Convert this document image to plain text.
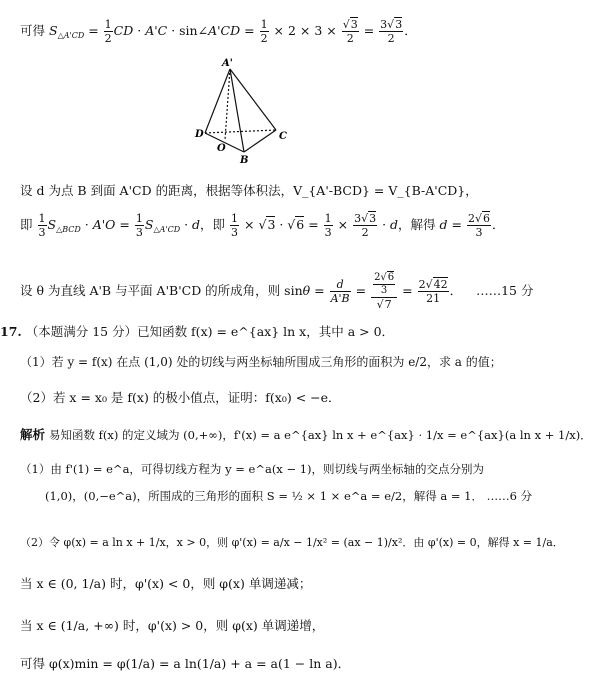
可得 $S_{\triangle A'CD} = \frac{1}{2}$ CD · A'C · sin∠A'CD = $\frac{1}{2} \times 2 \times 3 \times \frac{√3}{2} = \frac{3√3}{2}$ ．
A'
D	C
O
B
设 d 为点 B 到面 A'CD 的距离，根据等体积法，V_{A'-BCD} = V_{B-A'CD}，
即 $\frac{1}{3} S_{\triangle BCD} \cdot A'O = \frac{1}{3} S_{\triangle A'CD} \cdot d$，即 $\frac{1}{3} \times √3 \cdot √6 = \frac{1}{3} \times \frac{3√3}{2} \cdot d$，解得 $d = \frac{2√6}{3}$ ．
设 θ 为直线 A'B 与平面 A'B'CD 的所成角，则 $\sin\theta = \frac{d}{A'B} = \frac{\frac{2√6}{3}}{√7} = \frac{2√42}{21}$ ． ……15 分
17. （本题满分 15 分）已知函数 f(x) = e^{ax} ln x，其中 a > 0．
（1）若 y = f(x) 在点 (1,0) 处的切线与两坐标轴所围成三角形的面积为 e/2，求 a 的值；
（2）若 x = x₀ 是 f(x) 的极小值点，证明：f(x₀) < −e．
解析 易知函数 f(x) 的定义域为 (0,+∞)，f'(x) = a e^{ax} ln x + e^{ax} · 1/x = e^{ax}(a ln x + 1/x)．
（1）由 f'(1) = e^a，可得切线方程为 y = e^a(x − 1)，则切线与两坐标轴的交点分别为
(1,0)，(0,−e^a)，所围成的三角形的面积 S = ½ × 1 × e^a = e/2，解得 a = 1． ……6 分
（2）令 φ(x) = a ln x + 1/x，x > 0，则 φ'(x) = a/x − 1/x² = (ax − 1)/x²．由 φ'(x) = 0，解得 x = 1/a．
当 x ∈ (0, 1/a) 时，φ'(x) < 0，则 φ(x) 单调递减；
当 x ∈ (1/a, +∞) 时，φ'(x) > 0，则 φ(x) 单调递增，
可得 φ(x)min = φ(1/a) = a ln(1/a) + a = a(1 − ln a)．
